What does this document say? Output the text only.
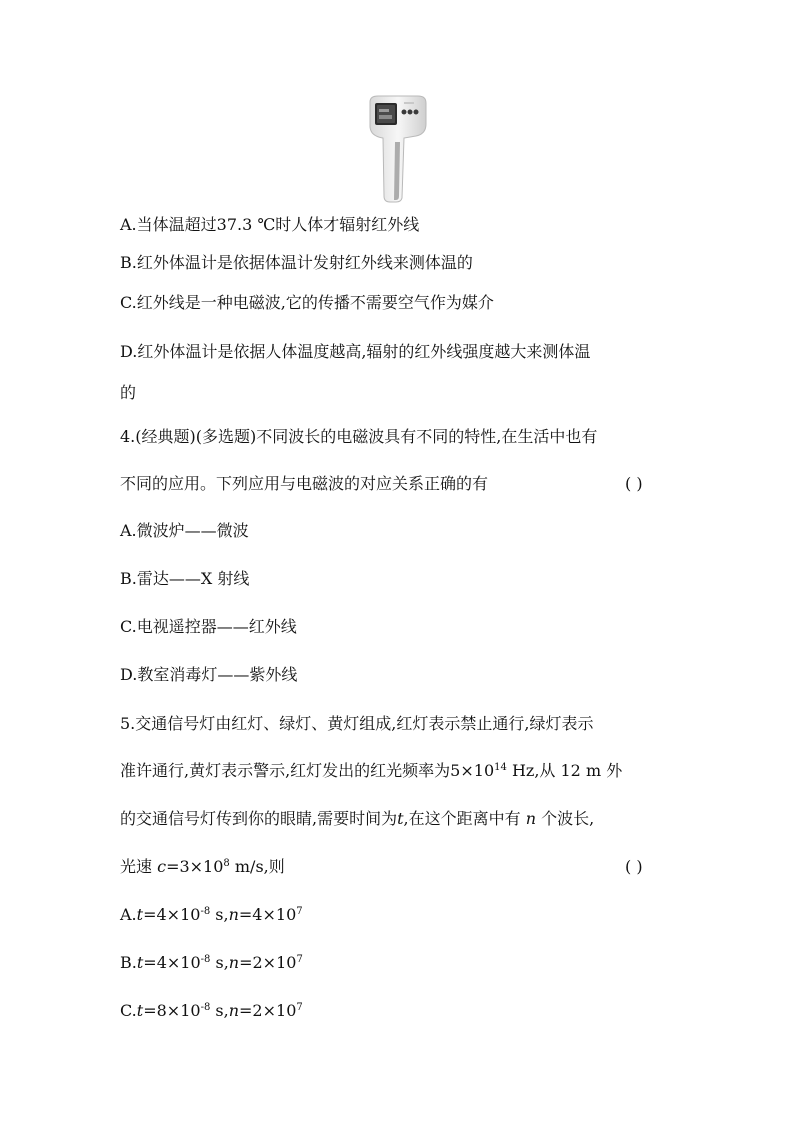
A.当体温超过37.3 ℃时人体才辐射红外线
B.红外体温计是依据体温计发射红外线来测体温的
C.红外线是一种电磁波,它的传播不需要空气作为媒介
D.红外体温计是依据人体温度越高,辐射的红外线强度越大来测体温
的
4.(经典题)(多选题)不同波长的电磁波具有不同的特性,在生活中也有
不同的应用。下列应用与电磁波的对应关系正确的有	( )
A.微波炉——微波
B.雷达——X 射线
C.电视遥控器——红外线
D.教室消毒灯——紫外线
5.交通信号灯由红灯、绿灯、黄灯组成,红灯表示禁止通行,绿灯表示
准许通行,黄灯表示警示,红灯发出的红光频率为$5\times 10^{14}$ Hz,从 12 m 外
的交通信号灯传到你的眼睛,需要时间为t,在这个距离中有 n 个波长,
光速 $c=3\times 10^8$ m/s,则	( )
$A.t=4\times 10^{-8}$ $s,n=4\times 10^7$
$B.t=4\times 10^{-8}$ $s,n=2\times 10^7$
$C.t=8\times 10^{-8}$ $s,n=2\times 10^7$
